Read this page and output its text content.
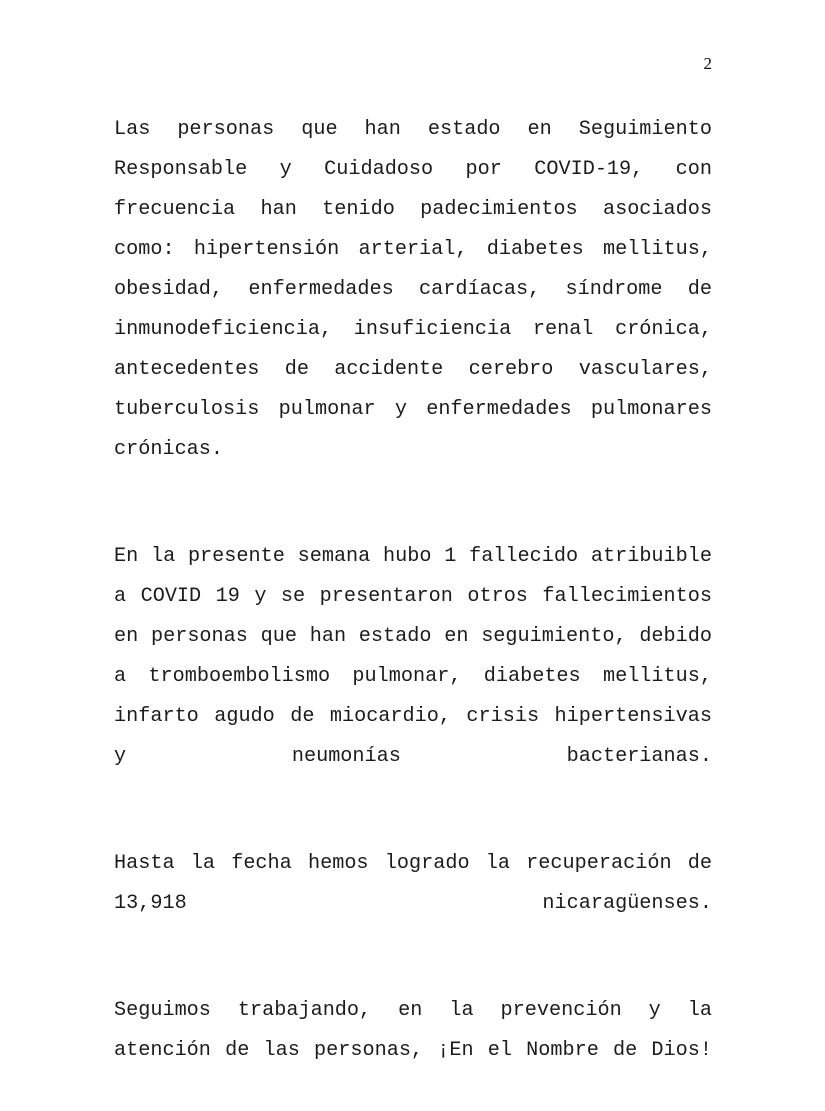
2

Las personas que han estado en Seguimiento Responsable y Cuidadoso por COVID-19, con frecuencia han tenido padecimientos asociados como: hipertensión arterial, diabetes mellitus, obesidad, enfermedades cardíacas, síndrome de inmunodeficiencia, insuficiencia renal crónica, antecedentes de accidente cerebro vasculares, tuberculosis pulmonar y enfermedades pulmonares crónicas.

En la presente semana hubo 1 fallecido atribuible a COVID 19 y se presentaron otros fallecimientos en personas que han estado en seguimiento, debido a tromboembolismo pulmonar, diabetes mellitus, infarto agudo de miocardio, crisis hipertensivas y neumonías bacterianas.

Hasta la fecha hemos logrado la recuperación de 13,918 nicaragüenses.

Seguimos trabajando, en la prevención y la atención de las personas, ¡En el Nombre de Dios!
